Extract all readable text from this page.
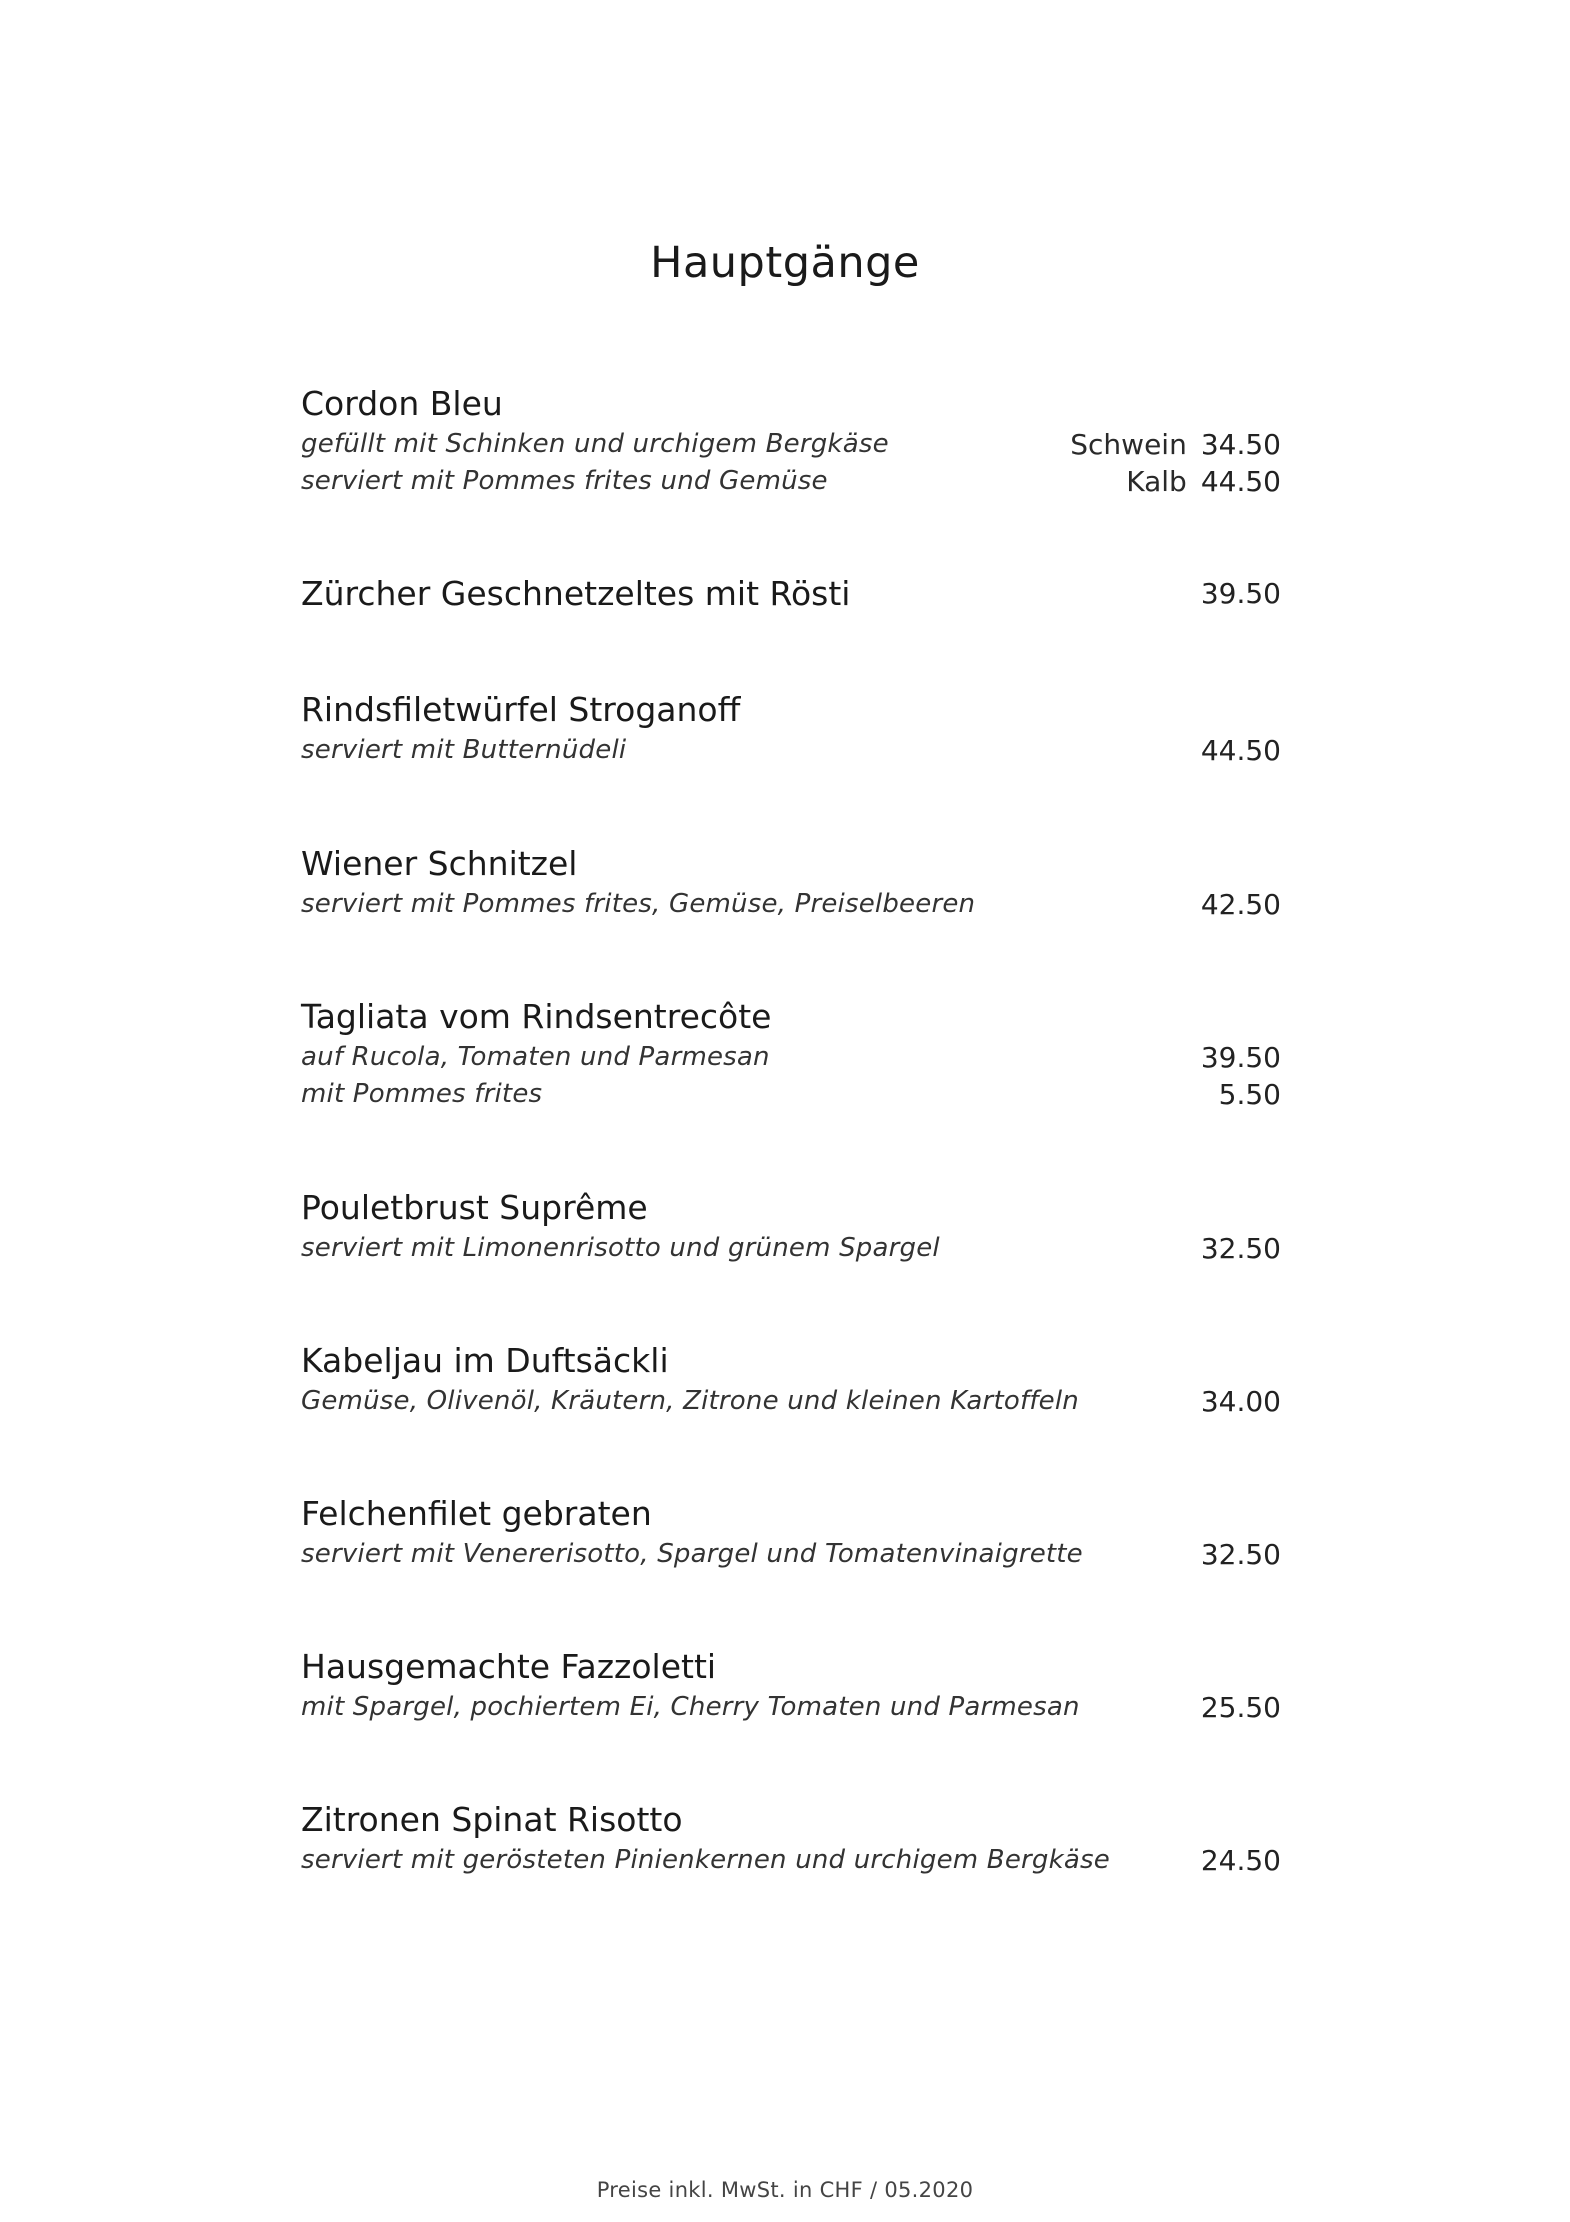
Hauptgänge
Cordon Bleu
gefüllt mit Schinken und urchigem Bergkäse	Schwein 34.50
serviert mit Pommes frites und Gemüse	Kalb 44.50
Zürcher Geschnetzeltes mit Rösti	39.50
Rindsfiletwürfel Stroganoff
serviert mit Butternüdeli	44.50
Wiener Schnitzel
serviert mit Pommes frites, Gemüse, Preiselbeeren	42.50
Tagliata vom Rindsentrecôte
auf Rucola, Tomaten und Parmesan	39.50
mit Pommes frites	5.50
Pouletbrust Suprême
serviert mit Limonenrisotto und grünem Spargel	32.50
Kabeljau im Duftsäckli
Gemüse, Olivenöl, Kräutern, Zitrone und kleinen Kartoffeln	34.00
Felchenfilet gebraten
serviert mit Venererisotto, Spargel und Tomatenvinaigrette	32.50
Hausgemachte Fazzoletti
mit Spargel, pochiertem Ei, Cherry Tomaten und Parmesan	25.50
Zitronen Spinat Risotto
serviert mit gerösteten Pinienkernen und urchigem Bergkäse	24.50
Preise inkl. MwSt. in CHF / 05.2020
